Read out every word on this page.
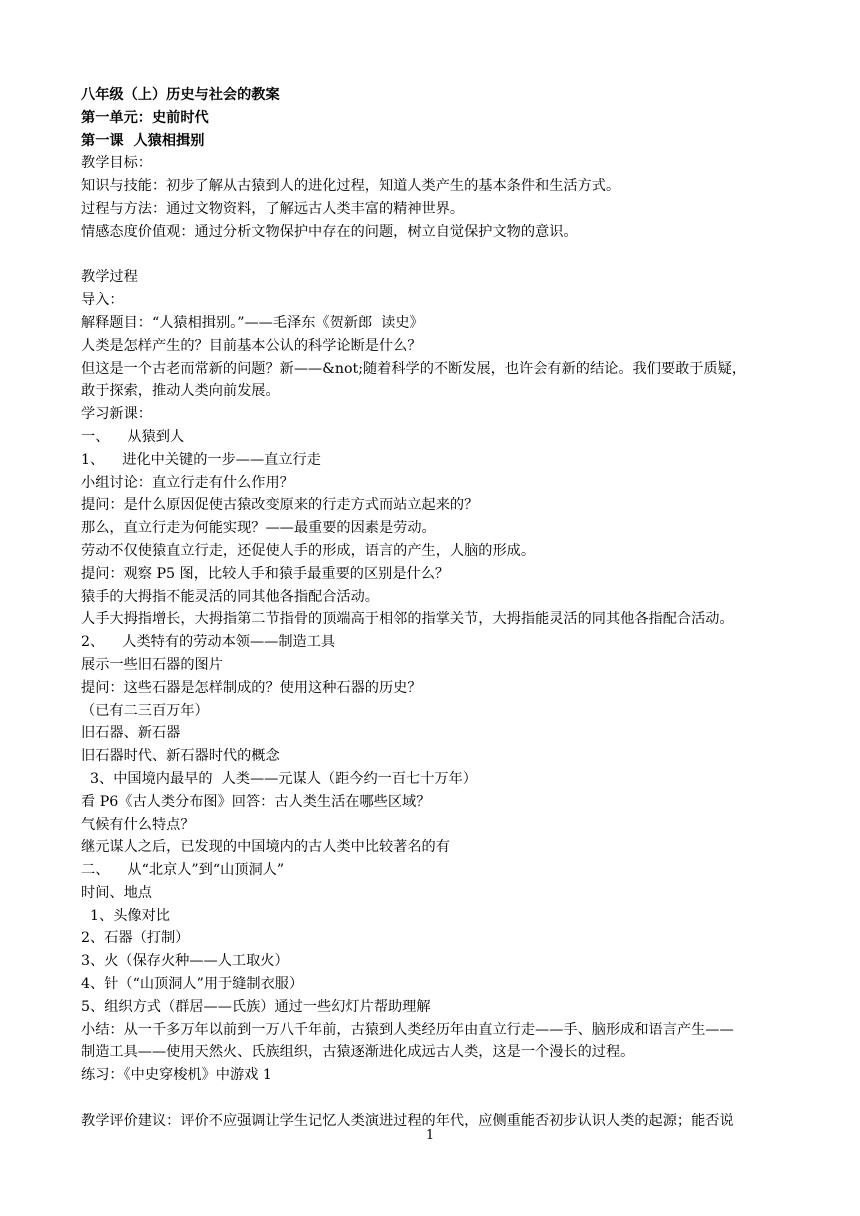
八年级（上）历史与社会的教案
第一单元：史前时代
第一课  人猿相揖别
教学目标：
知识与技能：初步了解从古猿到人的进化过程，知道人类产生的基本条件和生活方式。
过程与方法：通过文物资料，了解远古人类丰富的精神世界。
情感态度价值观：通过分析文物保护中存在的问题，树立自觉保护文物的意识。
教学过程
导入：
解释题目：“人猿相揖别。”——毛泽东《贺新郎  读史》
人类是怎样产生的？目前基本公认的科学论断是什么？
但这是一个古老而常新的问题？新——&not;随着科学的不断发展，也许会有新的结论。我们要敢于质疑，
敢于探索，推动人类向前发展。
学习新课：
一、    从猿到人
1、    进化中关键的一步——直立行走
小组讨论：直立行走有什么作用？
提问：是什么原因促使古猿改变原来的行走方式而站立起来的？
那么，直立行走为何能实现？——最重要的因素是劳动。
劳动不仅使猿直立行走，还促使人手的形成，语言的产生，人脑的形成。
提问：观察 P5 图，比较人手和猿手最重要的区别是什么？
猿手的大拇指不能灵活的同其他各指配合活动。
人手大拇指增长，大拇指第二节指骨的顶端高于相邻的指掌关节，大拇指能灵活的同其他各指配合活动。
2、    人类特有的劳动本领——制造工具
展示一些旧石器的图片
提问：这些石器是怎样制成的？使用这种石器的历史？
（已有二三百万年）
旧石器、新石器
旧石器时代、新石器时代的概念
3、中国境内最早的  人类——元谋人（距今约一百七十万年）
看 P6《古人类分布图》回答：古人类生活在哪些区域？
气候有什么特点？
继元谋人之后，已发现的中国境内的古人类中比较著名的有
二、    从“北京人”到“山顶洞人”
时间、地点
1、头像对比
2、石器（打制）
3、火（保存火种——人工取火）
4、针（“山顶洞人”用于缝制衣服）
5、组织方式（群居——氏族）通过一些幻灯片帮助理解
小结：从一千多万年以前到一万八千年前，古猿到人类经历年由直立行走——手、脑形成和语言产生——
制造工具——使用天然火、氏族组织，古猿逐渐进化成远古人类，这是一个漫长的过程。
练习：《中史穿梭机》中游戏 1
教学评价建议：评价不应强调让学生记忆人类演进过程的年代，应侧重能否初步认识人类的起源；能否说
1
